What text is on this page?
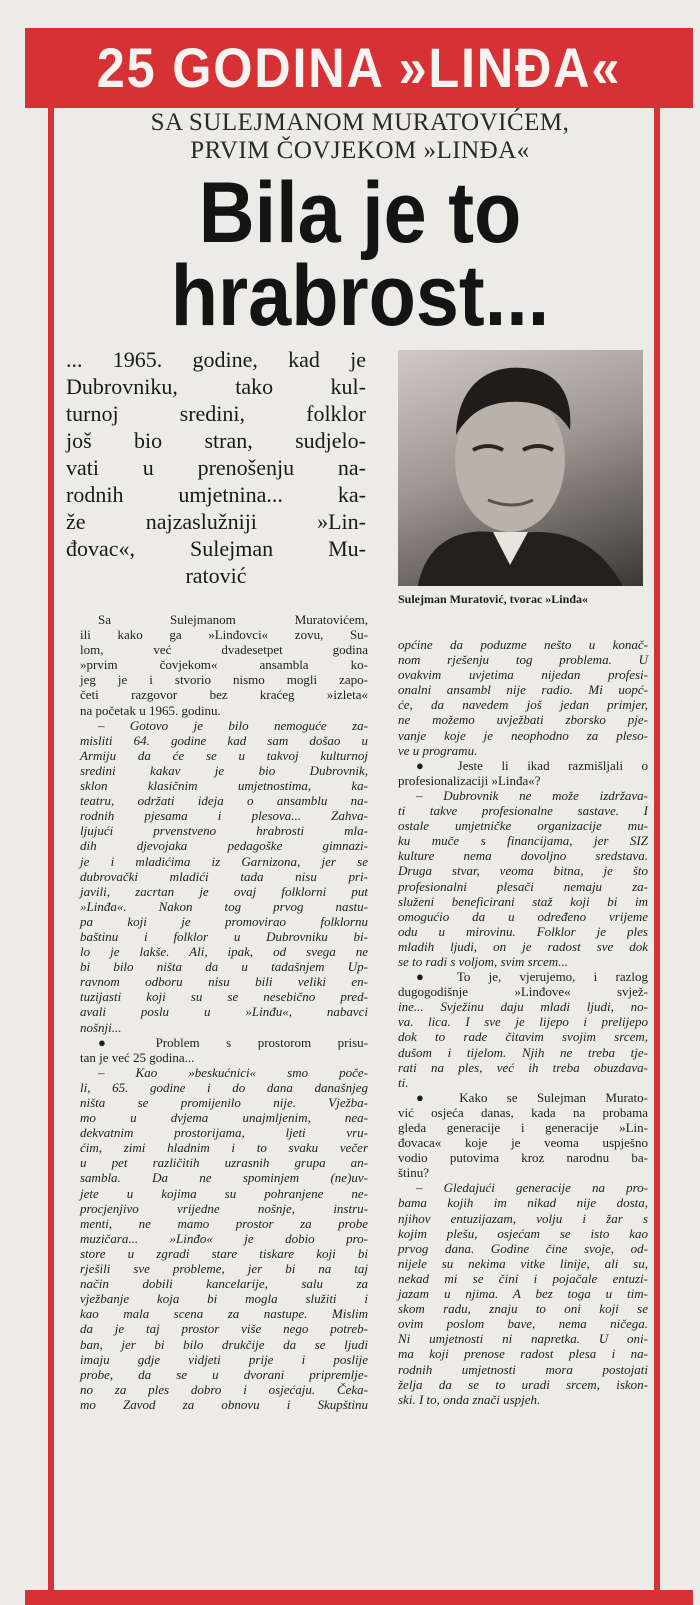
25 GODINA »LINĐA«
SA SULEJMANOM MURATOVIĆEM,
PRVIM ČOVJEKOM »LINĐA«
Bila je to
hrabrost...
... 1965. godine, kad je
Dubrovniku, tako kul-
turnoj sredini, folklor
još bio stran, sudjelo-
vati u prenošenju na-
rodnih umjetnina... ka-
že najzaslužniji »Lin-
đovac«, Sulejman Mu-
ratović
Sulejman Muratović, tvorac »Linđa«
Sa Sulejmanom Muratovićem,
ili kako ga »Linđovci« zovu, Su-
lom, već dvadesetpet godina
»prvim čovjekom« ansambla ko-
jeg je i stvorio nismo mogli zapo-
četi razgovor bez kraćeg »izleta«
na početak u 1965. godinu.
– Gotovo je bilo nemoguće za-
misliti 64. godine kad sam došao u
Armiju da će se u takvoj kulturnoj
sredini kakav je bio Dubrovnik,
sklon klasičnim umjetnostima, ka-
teatru, održati ideja o ansamblu na-
rodnih pjesama i plesova... Zahva-
ljujući prvenstveno hrabrosti mla-
dih djevojaka pedagoške gimnazi-
je i mladićima iz Garnizona, jer se
dubrovački mladići tada nisu pri-
javili, zacrtan je ovaj folklorni put
»Linđa«. Nakon tog prvog nastu-
pa koji je promovirao folklornu
baštinu i folklor u Dubrovniku bi-
lo je lakše. Ali, ipak, od svega ne
bi bilo ništa da u tadašnjem Up-
ravnom odboru nisu bili veliki en-
tuzijasti koji su se nesebično pred-
avali poslu u »Linđu«, nabavci
nošnji...
● Problem s prostorom prisu-
tan je već 25 godina...
– Kao »beskućnici« smo poče-
li, 65. godine i do dana današnjeg
ništa se promijenilo nije. Vježba-
mo u dvjema unajmljenim, nea-
dekvatnim prostorijama, ljeti vru-
ćim, zimi hladnim i to svaku večer
u pet različitih uzrasnih grupa an-
sambla. Da ne spominjem (ne)uv-
jete u kojima su pohranjene ne-
procjenjivo vrijedne nošnje, instru-
menti, ne mamo prostor za probe
muzičara... »Linđo« je dobio pro-
store u zgradi stare tiskare koji bi
rješili sve probleme, jer bi na taj
način dobili kancelarije, salu za
vježbanje koja bi mogla služiti i
kao mala scena za nastupe. Mislim
da je taj prostor više nego potreb-
ban, jer bi bilo drukčije da se ljudi
imaju gdje vidjeti prije i poslije
probe, da se u dvorani pripremlje-
no za ples dobro i osjećaju. Čeka-
mo Zavod za obnovu i Skupštinu
općine da poduzme nešto u konač-
nom rješenju tog problema. U
ovakvim uvjetima nijedan profesi-
onalni ansambl nije radio. Mi uopć-
će, da navedem još jedan primjer,
ne možemo uvježbati zborsko pje-
vanje koje je neophodno za pleso-
ve u programu.
● Jeste li ikad razmišljali o
profesionalizaciji »Linđa«?
– Dubrovnik ne može izdržava-
ti takve profesionalne sastave. I
ostale umjetničke organizacije mu-
ku muče s financijama, jer SIZ
kulture nema dovoljno sredstava.
Druga stvar, veoma bitna, je što
profesionalni plesači nemaju za-
služeni beneficirani staž koji bi im
omogućio da u određeno vrijeme
odu u mirovinu. Folklor je ples
mladih ljudi, on je radost sve dok
se to radi s voljom, svim srcem...
● To je, vjerujemo, i razlog
dugogodišnje »Linđove« svjež-
ine... Svježinu daju mladi ljudi, no-
va. lica. I sve je lijepo i prelijepo
dok to rade čitavim svojim srcem,
dušom i tijelom. Njih ne treba tje-
rati na ples, već ih treba obuzdava-
ti.
● Kako se Sulejman Murato-
vić osjeća danas, kada na probama
gleda generacije i generacije »Lin-
đovaca« koje je veoma uspješno
vodio putovima kroz narodnu ba-
štinu?
– Gledajući generacije na pro-
bama kojih im nikad nije dosta,
njihov entuzijazam, volju i žar s
kojim plešu, osjećam se isto kao
prvog dana. Godine čine svoje, od-
nijele su nekima vitke linije, ali su,
nekad mi se čini i pojačale entuzi-
jazam u njima. A bez toga u tim-
skom radu, znaju to oni koji se
ovim poslom bave, nema ničega.
Ni umjetnosti ni napretka. U oni-
ma koji prenose radost plesa i na-
rodnih umjetnosti mora postojati
želja da se to uradi srcem, iskon-
ski. I to, onda znači uspjeh.
